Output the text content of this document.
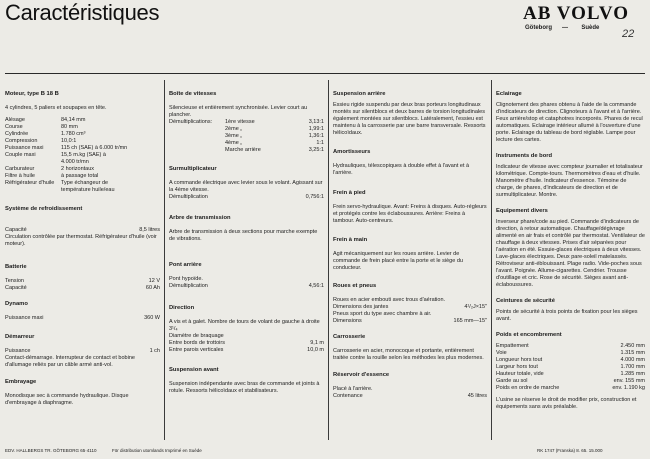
Caractéristiques	AB VOLVO
Göteborg — Suède 22
Moteur, type B 18 B
4 cylindres, 5 paliers et soupapes en tête.
Alésage	84,14 mm
Course	80 mm
Cylindrée	1.780 cm³
Compression	10,0:1
Puissance maxi	115 ch (SAE) à 6.000 tr/mn
Couple maxi	15,5 m.kg (SAE) à
	4.000 tr/mn
Carburateur	2 horizontaux
Filtre à huile	à passage total
Réfrigérateur d'huile	Type échangeur de
	température huile/eau
Système de refroidissement
Capacité	8,5 litres
Circulation contrôlée par thermostat. Réfrigérateur d'huile (voir moteur).
Batterie
Tension	12 V
Capacité	60 Ah
Dynamo
Puissance maxi	360 W
Démarreur
Puissance	1 ch
Contact-démarrage. Interrupteur de contact et bobine d'allumage reliés par un câble armé anti-vol.
Embrayage
Monodisque sec à commande hydraulique. Disque d'embrayage à diaphragme.
Boîte de vitesses
Silencieuse et entièrement synchronisée. Levier court au plancher.
Démultiplications:	1ère vitesse	3,13:1
2ème „	1,99:1
3ème „	1,36:1
4ème „	1:1
Marche arrière	3,25:1
Surmultiplicateur
A commande électrique avec levier sous le volant. Agissant sur la 4ème vitesse.
Démultiplication	0,756:1
Arbre de transmission
Arbre de transmission à deux sections pour marche exempte de vibrations.
Pont arrière
Pont hypoïde.
Démultiplication	4,56:1
Direction
A vis et à galet. Nombre de tours de volant de gauche à droite 3¹/₄
Diamètre de braquage
Entre bords de trottoirs	9,1 m
Entre parois verticales	10,0 m
Suspension avant
Suspension indépendante avec bras de commande et joints à rotule. Ressorts hélicoïdaux et stabilisateurs.
Suspension arrière
Essieu rigide suspendu par deux bras porteurs longitudinaux montés sur silentblocs et deux barres de torsion longitudinales également montées sur silentblocs. Latéralement, l'essieu est maintenu à la carrosserie par une barre transversale. Ressorts hélicoïdaux.
Amortisseurs
Hydrauliques, télescopiques à double effet à l'avant et à l'arrière.
Frein à pied
Frein servo-hydraulique. Avant: Freins à disques. Auto-régleurs et protégés contre les éclaboussures. Arrière: Freins à tambour. Auto-centreurs.
Frein à main
Agit mécaniquement sur les roues arrière. Levier de commande de frein placé entre la porte et le siège du conducteur.
Roues et pneus
Roues en acier embouti avec trous d'aération.
Dimensions des jantes	4¹/₂J×15"
Pneus sport du type avec chambre à air.
Dimensions	165 mm—15"
Carrosserie
Carrosserie en acier, monocoque et portante, entièrement traitée contre la rouille selon les méthodes les plus modernes.
Réservoir d'essence
Placé à l'arrière.
Contenance	45 litres
Eclairage
Clignotement des phares obtenu à l'aide de la commande d'indicateurs de direction. Clignoteurs à l'avant et à l'arrière. Feux arrière/stop et cataphotres incorporés. Phares de recul automatiques. Eclairage intérieur allumé à l'ouverture d'une porte. Eclairage du tableau de bord réglable. Lampe pour lecture des cartes.
Instruments de bord
Indicateur de vitesse avec compteur journalier et totalisateur kilométrique. Compte-tours. Thermomètres d'eau et d'huile. Manomètre d'huile. Indicateur d'essence. Témoine de charge, de phares, d'indicateurs de direction et de surmultiplicateur. Montre.
Equipement divers
Inverseur phare/code au pied. Commande d'indicateurs de direction, à retour automatique. Chauffage/dégivrage alimenté en air frais et contrôlé par thermostat. Ventilateur de chauffage à deux vitesses. Prises d'air séparées pour l'aération en été. Essuie-glaces électriques à deux vitesses. Lave-glaces électriques. Deux pare-soleil matelassés. Rétroviseur anti-éblouissant. Plage radio. Vide-poches sous l'avant. Poignée. Allume-cigarettes. Cendrier. Trousse d'outillage et cric. Rose de sécurité. Sièges avant anti-éclaboussures.
Ceintures de sécurité
Points de sécurité à trois points de fixation pour les sièges avant.
Poids et encombrement
Empattement	2.450 mm
Voie	1.315 mm
Longueur hors tout	4.000 mm
Largeur hors tout	1.700 mm
Hauteur totale, vide	1.285 mm
Garde au sol	env. 155 mm
Poids en ordre de marche	env. 1.190 kg
L'usine se réserve le droit de modifier prix, construction et équipements sans avis préalable.
EDV. HALLBERGS TR. GÖTEBORG 65·4110	För distribution utomlands Imprimé en Suède	RK 1747 (Franska) 8. 65. 15.000
